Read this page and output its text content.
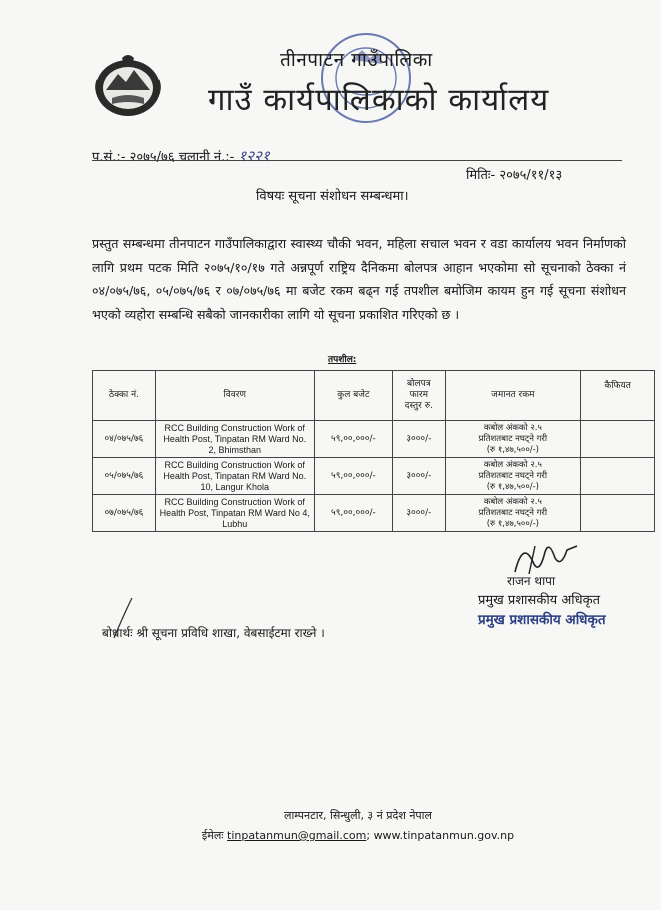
तीनपाटन गाउँपालिका
गाउँ कार्यपालिकाको कार्यालय
प.सं.:- २०७५/७६ चलानी नं.:- १२२१
मितिः- २०७५/११/१३
विषयः सूचना संशोधन सम्बन्धमा।
प्रस्तुत सम्बन्धमा तीनपाटन गाउँपालिकाद्वारा स्वास्थ्य चौकी भवन, महिला सचाल भवन र वडा कार्यालय भवन निर्माणको लागि प्रथम पटक मिति २०७५/१०/१७ गते अन्नपूर्ण राष्ट्रिय दैनिकमा बोलपत्र आहान भएकोमा सो सूचनाको ठेक्का नं ०४/०७५/७६, ०५/०७५/७६ र ०७/०७५/७६ मा बजेट रकम बढ्न गई तपशील बमोजिम कायम हुन गई सूचना संशोधन भएको व्यहोरा सम्बन्धि सबैको जानकारीका लागि यो सूचना प्रकाशित गरिएको छ ।
तपशील:
ठेक्का नं.	विवरण	कुल बजेट	बोलपत्र
फारम
दस्तुर रु.	जमानत रकम	कैफियत
०४/०७५/७६	RCC Building Construction Work of Health Post, Tinpatan RM Ward No. 2, Bhimsthan	५९,००,०००/-	३०००/-	कबोल अंकको २.५
प्रतिशतबाट नघट्ने गरी
(रु १,४७,५००/-)	

०५/०७५/७६	RCC Building Construction Work of Health Post, Tinpatan RM Ward No. 10, Langur Khola	५९,००,०००/-	३०००/-	कबोल अंकको २.५
प्रतिशतबाट नघट्ने गरी
(रु १,४७,५००/-)	

०७/०७५/७६	RCC Building Construction Work of Health Post, Tinpatan RM Ward No 4, Lubhu	५९,००,०००/-	३०००/-	कबोल अंकको २.५
प्रतिशतबाट नघट्ने गरी
(रु १,४७,५००/-)	

राजन थापा
प्रमुख प्रशासकीय अधिकृत
प्रमुख प्रशासकीय अधिकृत
बोधार्थः श्री सूचना प्रविधि शाखा, वेबसाईटमा राख्ने ।
लाम्पनटार, सिन्धुली, ३ नं प्रदेश नेपाल
ईमेलः tinpatanmun@gmail.com; www.tinpatanmun.gov.np
